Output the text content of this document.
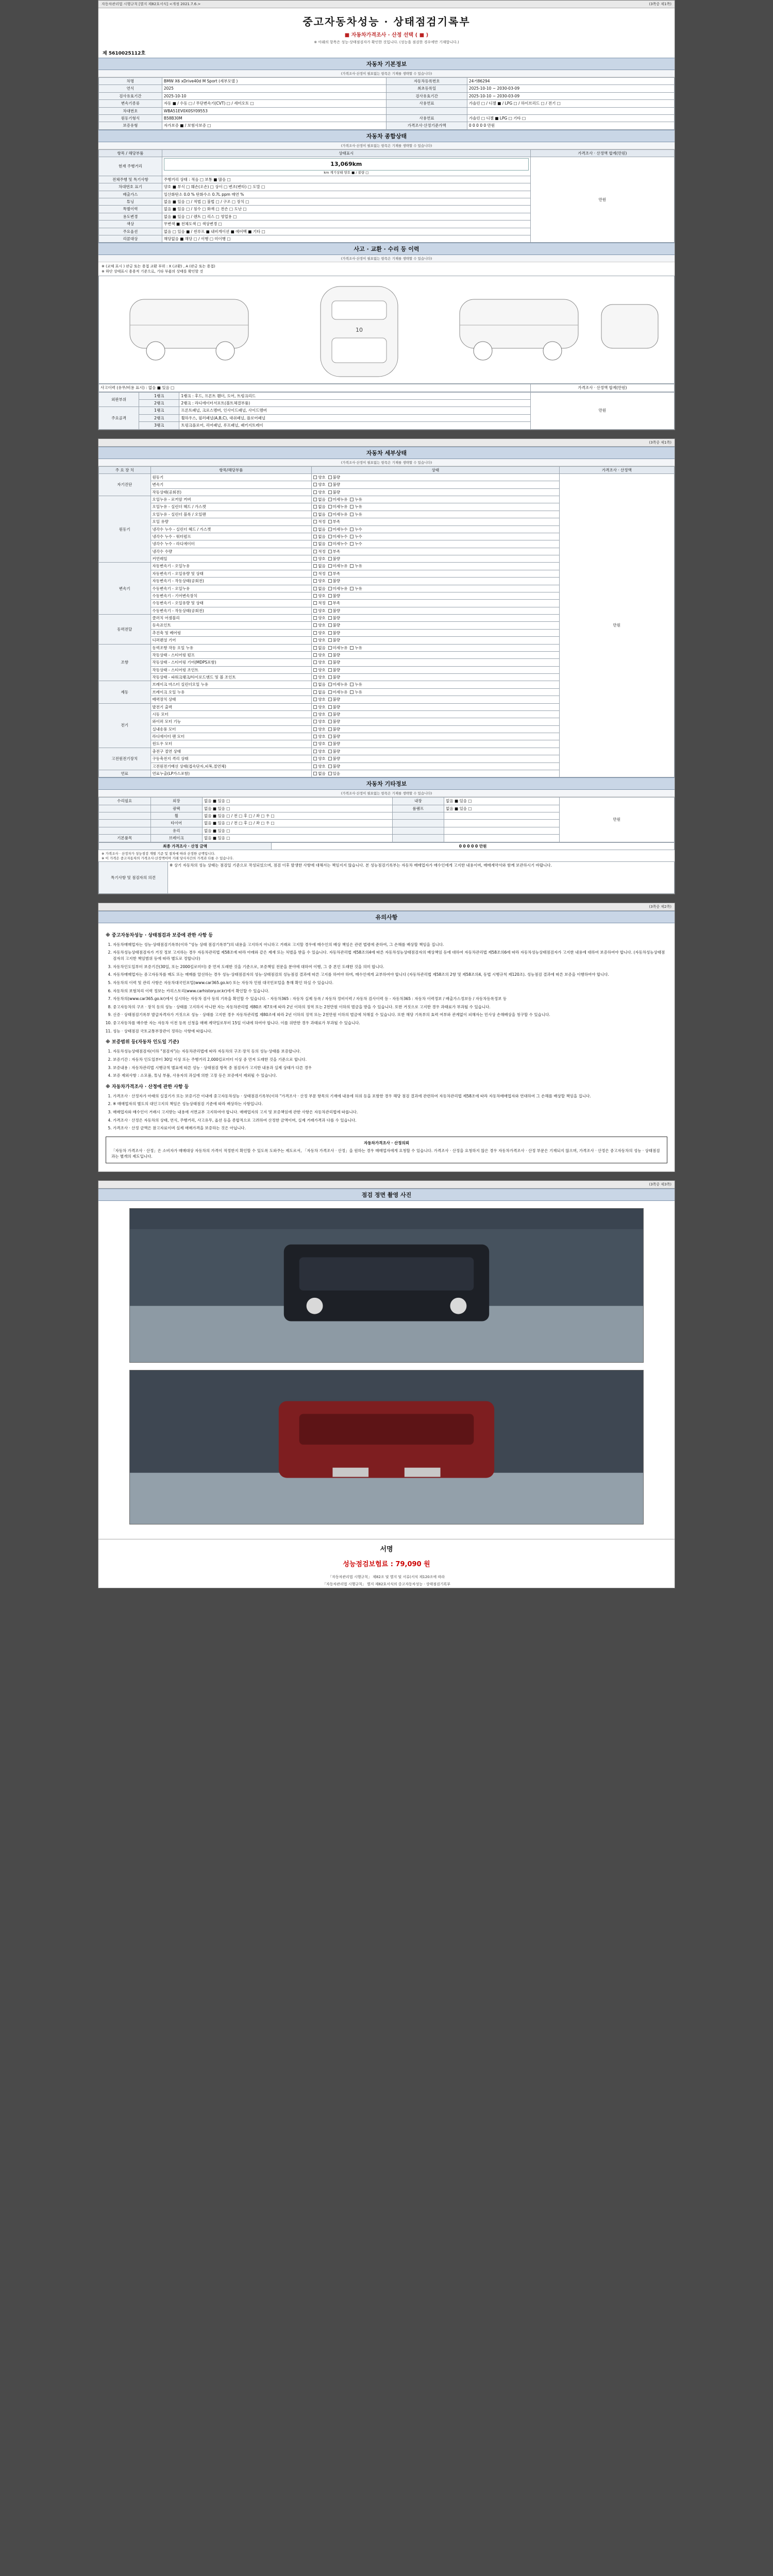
자동차관리법 시행규칙 [별지 제82호서식] <개정 2021.7.6.>	(3쪽중 제1쪽)
중고자동차성능 · 상태점검기록부
■ 자동차가격조사 · 산정 선택 ( ■ )
※ 아래의 항목은 성능·상태점검자가 확인한 것입니다. (성능을 점검한 경우에만 기재합니다.)
제 5610025112호
자동차 기본정보
(가격조사·산정이 필요없는 항목은 기재를 생략할 수 있습니다)
차명	BMW X6 xDrive40d M Sport (세부모델 )	자동차등록번호	24거86294
연식	2025	최초등록일	2025-10-10 ~ 2030-03-09
검사유효기간	2025-10-10	검사유효기간	2025-10-10 ~ 2030-03-09
변속기종류	자동 ■ / 수동 □ / 무단변속기(CVT) □ / 세미오토 □	사용연료	가솔린 □ / 디젤 ■ / LPG □ / 하이브리드 □ / 전기 □
차대번호	WBA51EV0X0SY09553		
원동기형식	B58B30M	사용연료	가솔린 □ 디젤 ■ LPG □ 기타 □
보증유형	자가보증 ■ / 보험사보증 □	가격조사·산정기준가액	0 0 0 0 0 만원
자동차 종합상태
(가격조사·산정이 필요없는 항목은 기재를 생략할 수 있습니다)
항목 / 해당부품	상태표시	가격조사 · 산정액 합계(만원)
현재 주행거리	13,069km
km 계기상태 양호 ■ / 불량 □	만원
전체주행 및 특기사항	주행거리 상태 : 적음 □ 보통 ■ 많음 □	
차대번호 표기	양호 ■ 부식 □ 훼손(오손) □ 상이 □ 변조(변타) □ 도말 □	
배출가스	일산화탄소 0.0 % 탄화수소 0.7L ppm 매연 %	
튜닝	없음 ■ 있음 □ / 적법 □ 불법 □ / 구조 □ 장치 □	
특별이력	없음 ■ 있음 □ / 침수 □ 화재 □ 전손 □ 도난 □	
용도변경	없음 ■ 있음 □ / 렌트 □ 리스 □ 영업용 □	
색상	무변색 ■ 전체도색 □ 색상변경 □	
주요옵션	없음 □ 있음 ■ / 썬루프 ■ 내비게이션 ■ 에어백 ■ 기타 □	
리콜대상	해당없음 ■ 해당 □ / 이행 □ 미이행 □	
사고 · 교환 · 수리 등 이력
(가격조사·산정이 필요없는 항목은 기재를 생략할 수 있습니다)
※ (교체 표시 ) 판금 또는 용접 교환 부위 : X (교환) , A (판금 또는 용접)
※ 하단 상태표시 용용적 기준으로, 기타 부품의 상태를 확인할 것
10
사고이력 (유무/비용 표시) : 없음 ■ 있음 □	가격조사 · 산정액 합계(만원)
외판부위	1랭크	1랭크 : 후드, 프론트 휀더, 도어, 트렁크리드	만원
	2랭크	2랭크 : 라디에이터서포트(볼트체결부품)	
주요골격	1랭크	프론트패널, 크로스멤버, 인사이드패널, 사이드멤버	
	2랭크	휠하우스, 필러패널(A,B,C), 대쉬패널, 플로어패널	
	3랭크	트렁크플로어, 리어패널, 루프패널, 패키지트레이	
(3쪽중 제1쪽)
자동차 세부상태
(가격조사·산정이 필요없는 항목은 기재를 생략할 수 있습니다)
주 요 장 치	항목/해당부품	상태	가격조사 · 산정액
자기진단	원동기	양호  불량	만원
	변속기	양호  불량	
	작동상태(공회전)	양호  불량	
원동기	오일누유 - 로커암 커버	없음  미세누유  누유	
	오일누유 - 실린더 헤드 / 가스켓	없음  미세누유  누유	
	오일누유 - 실린더 블록 / 오일팬	없음  미세누유  누유	
	오일 유량	적정  부족	
	냉각수 누수 - 실린더 헤드 / 가스켓	없음  미세누수  누수	
	냉각수 누수 - 워터펌프	없음  미세누수  누수	
	냉각수 누수 - 라디에이터	없음  미세누수  누수	
	냉각수 수량	적정  부족	
	커먼레일	양호  불량	
변속기	자동변속기 - 오일누유	없음  미세누유  누유	
	자동변속기 - 오일유량 및 상태	적정  부족	
	자동변속기 - 작동상태(공회전)	양호  불량	
	수동변속기 - 오일누유	없음  미세누유  누유	
	수동변속기 - 기어변속장치	양호  불량	
	수동변속기 - 오일유량 및 상태	적정  부족	
	수동변속기 - 작동상태(공회전)	양호  불량	
동력전달	클러치 어셈블리	양호  불량	
	등속죠인트	양호  불량	
	추진축 및 베어링	양호  불량	
	디퍼렌셜 기어	양호  불량	
조향	동력조향 작동 오일 누유	없음  미세누유  누유	
	작동상태 - 스티어링 펌프	양호  불량	
	작동상태 - 스티어링 기어(MDPS포함)	양호  불량	
	작동상태 - 스티어링 조인트	양호  불량	
	작동상태 - 파워크랭크/타이로드엔드 및 볼 조인트	양호  불량	
제동	브레이크 마스터 실린더오일 누유	없음  미세누유  누유	
	브레이크 오일 누유	없음  미세누유  누유	
	배력장치 상태	양호  불량	
전기	발전기 출력	양호  불량	
	시동 모터	양호  불량	
	와이퍼 모터 기능	양호  불량	
	실내송풍 모터	양호  불량	
	라디에이터 팬 모터	양호  불량	
	윈도우 모터	양호  불량	
고전원전기장치	충전구 절연 상태	양호  불량	
	구동축전지 격리 상태	양호  불량	
	고전원전기배선 상태(접속단자,피복,절연체)	양호  불량	
연료	연료누출(LP가스포함)	없음  있음	
자동차 기타정보
(가격조사·산정이 필요없는 항목은 기재를 생략할 수 있습니다)
수리필요	외장	없음 ■ 있음 □	내장	없음 ■ 있음 □	만원
	광택	없음 ■ 있음 □	룸램프	없음 ■ 있음 □	
	휠	없음 ■ 있음 □ / 전 □ 후 □ / 좌 □ 우 □			
	타이어	없음 ■ 있음 □ / 전 □ 후 □ / 좌 □ 우 □			
	유리	없음 ■ 있음 □			
기본품목	브레이크	없음 ■ 있음 □			
최종 가격조사 · 산정 금액	0 0 0 0 0 만원
※ 가격조사 · 산정자가 성능점검 개별 기준 및 절차에 따라 산정한 금액입니다.
※ 이 가격은 중고자동차의 가격조사·산정액이며 거래 당사자간의 가격과 다를 수 있습니다.
특기사항 및 점검자의 의견	※ 상기 자동차의 성능 상태는 점검일 기준으로 작성되었으며, 점검 이후 발생한 사항에 대해서는 책임지지 않습니다. 본 성능점검기록부는 자동차 매매업자가 매수인에게 고지한 내용이며, 매매계약서와 함께 보관하시기 바랍니다.
(3쪽중 제2쪽)
유의사항
※ 중고자동차성능 · 상태점검과 보증에 관한 사항 등
1. 자동차매매업자는 성능·상태점검기록부(이하 "성능 상태 점검기록부")의 내용을 고지하지 아니하고 거래로 고지할 경우에 매수인의 배상 책임은 관련 법령에 준하여, 그 손해를 배상할 책임을 집니다.
2. 자동차성능상태점검자가 거짓 정보 고지하는 경우 자동차관리법 제58조에 따라 아래와 같은 제재 또는 처벌을 받을 수 있습니다. 자동차관리법 제58조의4에 따른 자동차성능상태점검자의 배상책임 등에 대하여 자동차관리법 제58조의6에 따라 자동차성능상태점검자가 고지한 내용에 대하여 보증하여야 합니다. (자동차성능상태점검자의 고지한 책임범위 등에 따라 별도로 정합니다)
3. 자동차인도일부터 보증기간(30일, 또는 2000킬로미터) 중 먼저 도래한 것을 기준으로, 보증책임 전문을 분야에 대하여 이행, 그 중 본인 도래한 것을 의미 합니다.
4. 자동차매매업자는 중고자동차를 매도 또는 매매를 알선하는 경우 성능·상태점검자의 성능·상태점검의 성능점검 결과에 따른 고지를 하여야 하며, 매수인에게 교부하여야 합니다 (자동차관리법 제58조의 2항 및 제58조의4, 동법 시행규칙 제120조). 성능점검 결과에 따른 보증을 이행하여야 합니다.
5. 자동차의 이력 및 관리 사항은 자동차대국민포털(www.car365.go.kr) 또는 자동차 민원 대국민포털을 통해 확인 하실 수 있습니다.
6. 자동차의 보험처리 이력 정보는 카히스토리(www.carhistory.or.kr)에서 확인할 수 있습니다.
7. 자동차의(www.car365.go.kr)에서 실시하는 자동차 검사 등의 기록을 확인할 수 있습니다. - 자동차365 : 자동차 실제 등록 / 자동차 정비이력 / 자동차 검사이력 등 - 자동차365 : 자동차 이력정보 / 배출가스정보등 / 자동차등록정보 등
8. 중고자동차의 구조 · 장치 등의 성능 · 상태를 고지하지 아니한 자는 자동차관리법 제80조 제7호에 따라 2년 이하의 징역 또는 2천만원 이하의 벌금을 받을 수 있습니다. 또한 거짓으로 고지한 경우 과태료가 부과될 수 있습니다.
9. 신증 · 상태점검기록부 발급자격자가 거짓으로 성능 · 상태를 고지한 경우 자동차관리법 제80조에 따라 2년 이하의 징역 또는 2천만원 이하의 벌금에 처해질 수 있습니다. 또한 해당 기록부의 효력 여부와 관계없이 피해자는 민사상 손해배상을 청구할 수 있습니다.
10. 중고자동차를 매수한 자는 자동차 이전 등록 신청을 매매 계약일로부터 15일 이내에 하여야 합니다. 이를 위반한 경우 과태료가 부과될 수 있습니다.
11. 성능 · 상태점검 국토교통부장관이 정하는 사항에 따릅니다.
※ 보증범위 등(자동차 인도일 기준)
1. 자동차성능상태점검자(이하 "점검자")는 자동차관리법에 따라 자동차의 구조·장치 등의 성능·상태를 보증합니다.
2. 보증기간 : 자동차 인도일부터 30일 이상 또는 주행거리 2,000킬로미터 이상 중 먼저 도래한 것을 기준으로 합니다.
3. 보증내용 : 자동차관리법 시행규칙 별표에 따른 성능 · 상태점검 항목 중 점검자가 고지한 내용과 실제 상태가 다른 경우
4. 보증 제외사항 : 소모품, 튜닝 부품, 사용자의 과실에 의한 고장 등은 보증에서 제외될 수 있습니다.
※ 자동차가격조사 · 산정에 관한 사항 등
1. 가격조사 · 산정자가 아래의 실질기가 또는 보증기간 이내에 중고자동차성능 · 상태점검기록부(이하 "가격조사 · 산정 부문 항목의 기재에 내용에 허위 등을 포함한 경우 해당 점검 결과에 관련하여 자동차관리법 제58조에 따라 자동차매매업자와 연대하여 그 손해를 배상할 책임을 집니다.
2. ※ 매매업자의 별도의 대인고지의 책임은 성능상태점검 기준에 따라 배상하는 사항입니다.
3. 매매업자와 매수인이 거래시 고지받는 내용에 서면교부 고지하여야 합니다. 매매업자의 고지 및 보증책임에 관한 사항은 자동차관리법에 따릅니다.
4. 가격조사 · 산정은 자동차의 상태, 연식, 주행거리, 사고유무, 옵션 등을 종합적으로 고려하여 산정한 금액이며, 실제 거래가격과 다를 수 있습니다.
5. 가격조사 · 산정 금액은 참고자료이며 실제 매매가격을 보증하는 것은 아닙니다.
자동차가격조사 · 산정의뢰
「자동차 가격조사 · 산정」은 소비자가 매매대상 자동차의 가격이 적정한지 확인할 수 있도록 도와주는 제도로서, 「자동차 가격조사 · 산정」을 원하는 경우 매매업자에게 요청할 수 있습니다. 가격조사 · 산정을 요청하지 않은 경우 자동차가격조사 · 산정 부문은 기재되지 않으며, 가격조사 · 산정은 중고자동차의 성능 · 상태점검과는 별개의 제도입니다.
(3쪽중 제3쪽)
점검 정면 촬영 사진
서명
성능점검보험료 : 79,090 원
「자동차관리법 시행규칙」 제82조 및 별지 및 서류(서식 제120조에 따라
「자동차관리법 시행규칙」 별지 제82호서식의 중고자동차성능 · 상태점검기록부
